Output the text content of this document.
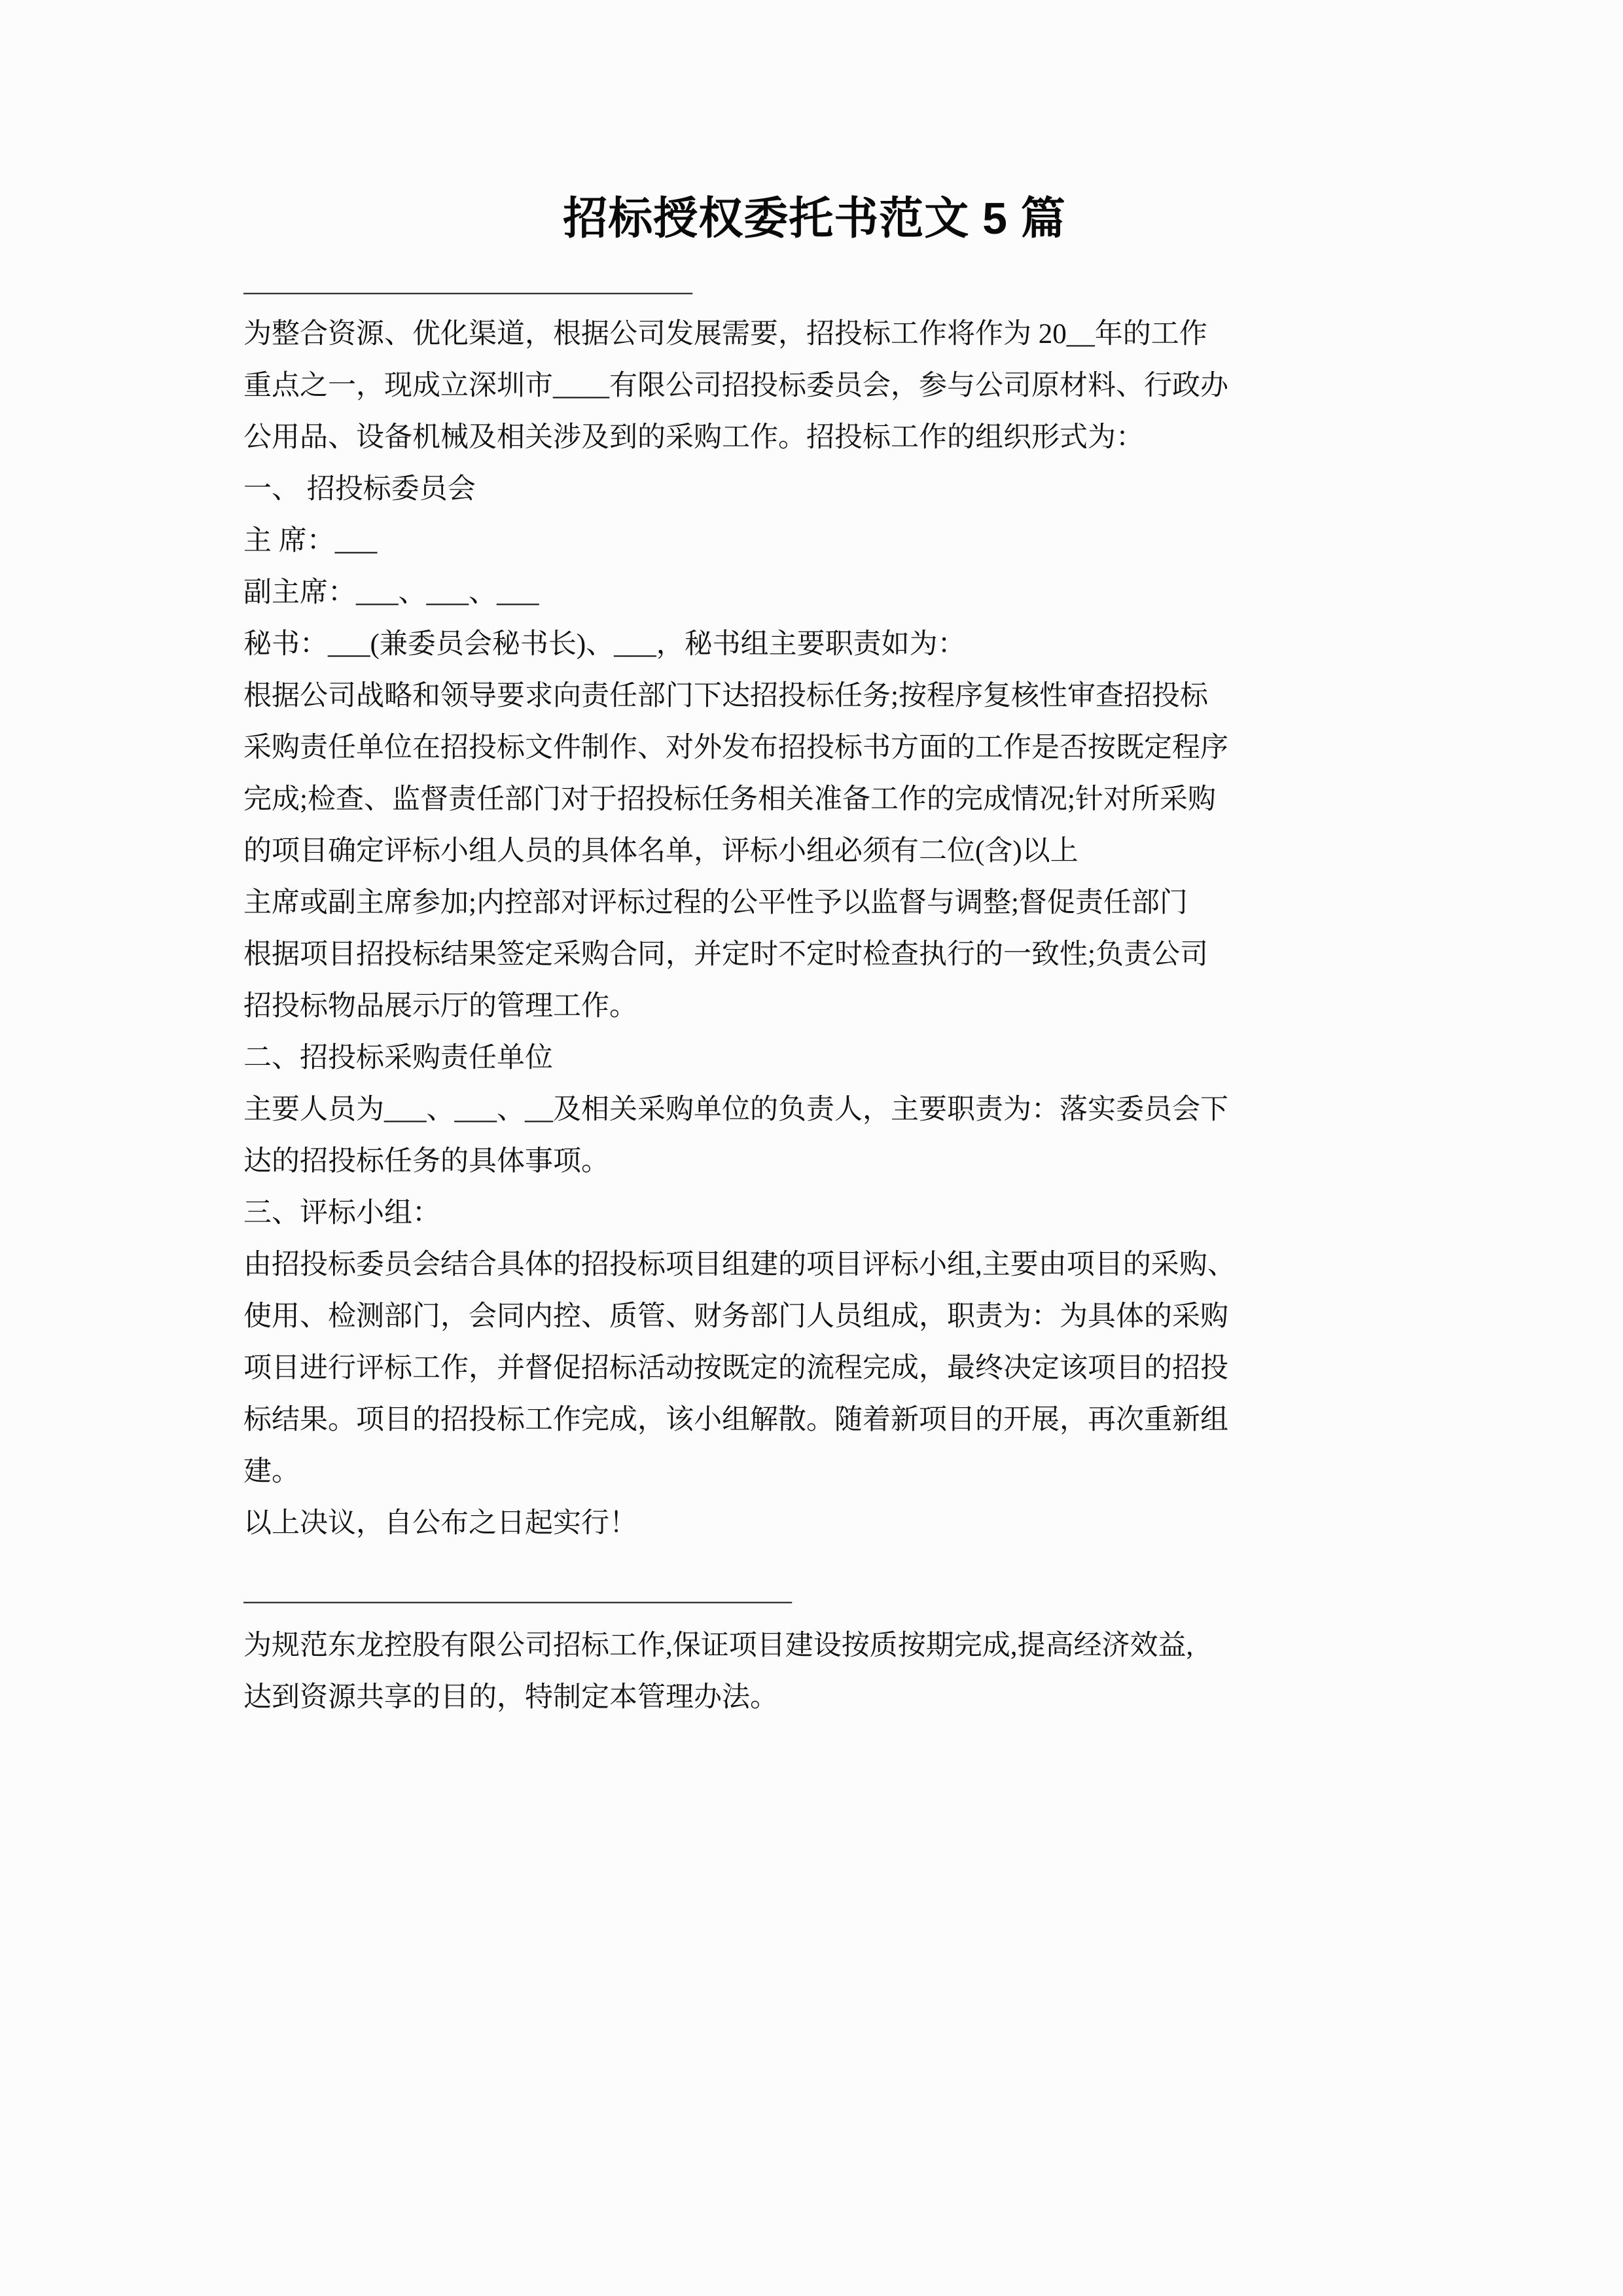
招标授权委托书范文 5 篇
——————————————————

为整合资源、优化渠道，根据公司发展需要，招投标工作将作为 20__年的工作

重点之一，现成立深圳市____有限公司招投标委员会，参与公司原材料、行政办

公用品、设备机械及相关涉及到的采购工作。招投标工作的组织形式为：

一、 招投标委员会

主 席：___

副主席：___、___、___

秘书：___(兼委员会秘书长)、___，秘书组主要职责如为：

根据公司战略和领导要求向责任部门下达招投标任务;按程序复核性审查招投标

采购责任单位在招投标文件制作、对外发布招投标书方面的工作是否按既定程序

完成;检查、监督责任部门对于招投标任务相关准备工作的完成情况;针对所采购

的项目确定评标小组人员的具体名单，评标小组必须有二位(含)以上

主席或副主席参加;内控部对评标过程的公平性予以监督与调整;督促责任部门

根据项目招投标结果签定采购合同，并定时不定时检查执行的一致性;负责公司

招投标物品展示厅的管理工作。

二、招投标采购责任单位

主要人员为___、___、__及相关采购单位的负责人，主要职责为：落实委员会下

达的招投标任务的具体事项。

三、评标小组：

由招投标委员会结合具体的招投标项目组建的项目评标小组,主要由项目的采购、

使用、检测部门，会同内控、质管、财务部门人员组成，职责为：为具体的采购

项目进行评标工作，并督促招标活动按既定的流程完成，最终决定该项目的招投

标结果。项目的招投标工作完成，该小组解散。随着新项目的开展，再次重新组

建。

以上决议，自公布之日起实行！

——————————————————————

为规范东龙控股有限公司招标工作,保证项目建设按质按期完成,提高经济效益,

达到资源共享的目的，特制定本管理办法。
